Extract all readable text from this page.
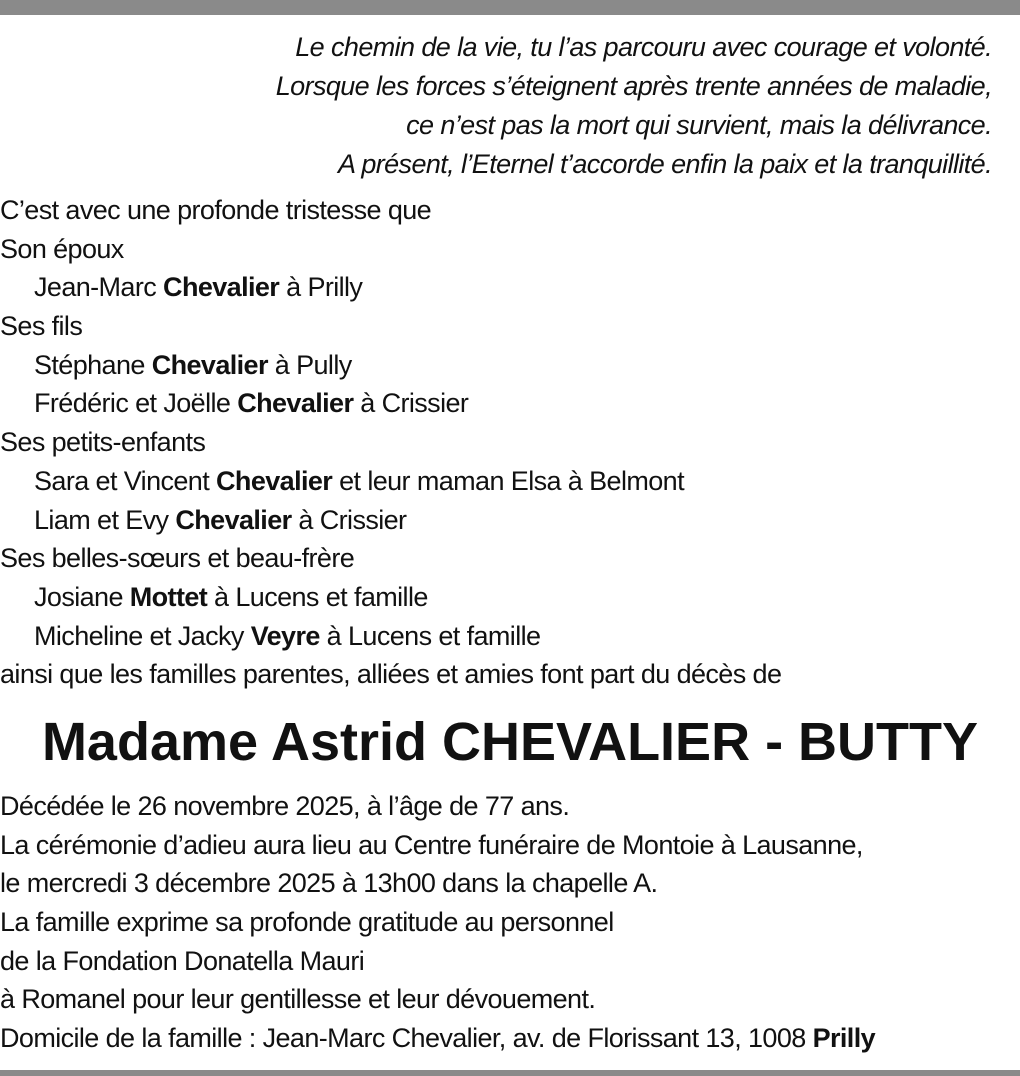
Le chemin de la vie, tu l’as parcouru avec courage et volonté.
Lorsque les forces s’éteignent après trente années de maladie,
ce n’est pas la mort qui survient, mais la délivrance.
A présent, l’Eternel t’accorde enfin la paix et la tranquillité.
C’est avec une profonde tristesse que
Son époux
Jean-Marc Chevalier à Prilly
Ses fils
Stéphane Chevalier à Pully
Frédéric et Joëlle Chevalier à Crissier
Ses petits-enfants
Sara et Vincent Chevalier et leur maman Elsa à Belmont
Liam et Evy Chevalier à Crissier
Ses belles-sœurs et beau-frère
Josiane Mottet à Lucens et famille
Micheline et Jacky Veyre à Lucens et famille
ainsi que les familles parentes, alliées et amies font part du décès de
Madame Astrid CHEVALIER - BUTTY
Décédée le 26 novembre 2025, à l’âge de 77 ans.
La cérémonie d’adieu aura lieu au Centre funéraire de Montoie à Lausanne,
le mercredi 3 décembre 2025 à 13h00 dans la chapelle A.
La famille exprime sa profonde gratitude au personnel
de la Fondation Donatella Mauri
à Romanel pour leur gentillesse et leur dévouement.
Domicile de la famille : Jean-Marc Chevalier, av. de Florissant 13, 1008 Prilly
